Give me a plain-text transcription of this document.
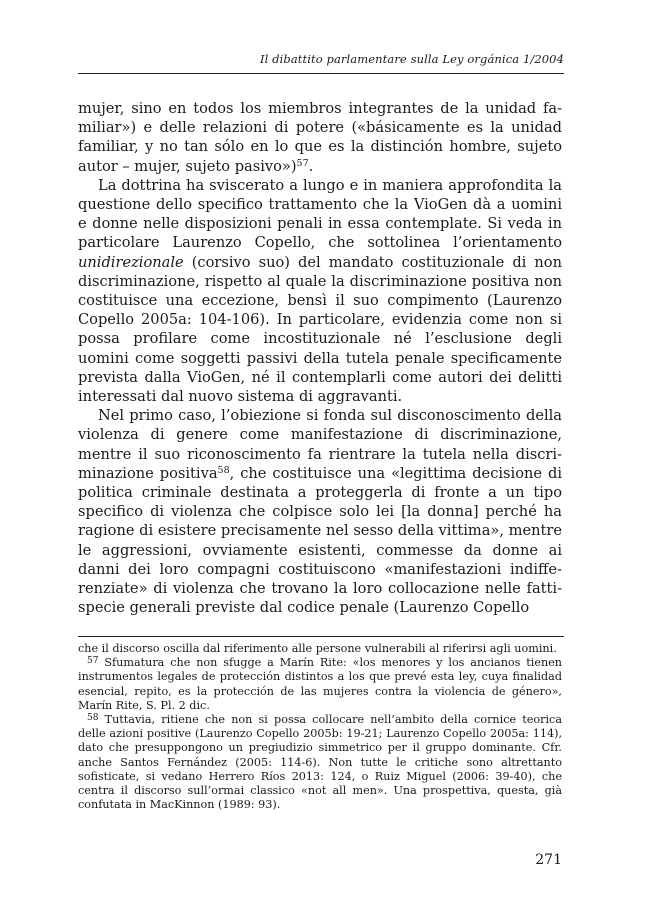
Il dibattito parlamentare sulla Ley orgánica 1/2004

mujer, sino en todos los miembros integrantes de la unidad familiar») e delle relazioni di potere («básicamente es la unidad familiar, y no tan sólo en lo que es la distinción hombre, sujeto autor – mujer, sujeto pasivo»)$^{57}$.

La dottrina ha sviscerato a lungo e in maniera approfondita la questione dello specifico trattamento che la VioGen dà a uomini e donne nelle disposizioni penali in essa contemplate. Si veda in particolare Laurenzo Copello, che sottolinea l’orientamento unidirezionale (corsivo suo) del mandato costituzionale di non discriminazione, rispetto al quale la discriminazione positiva non costituisce una eccezione, bensì il suo compimento (Laurenzo Copello 2005a: 104-106). In particolare, evidenzia come non si possa profilare come incostituzionale né l’esclusione degli uomini come soggetti passivi della tutela penale specificamente prevista dalla VioGen, né il contemplarli come autori dei delitti interessati dal nuovo sistema di aggravanti.

Nel primo caso, l’obiezione si fonda sul disconoscimento della violenza di genere come manifestazione di discriminazione, mentre il suo riconoscimento fa rientrare la tutela nella discriminazione positiva$^{58}$, che costituisce una «legittima decisione di politica criminale destinata a proteggerla di fronte a un tipo specifico di violenza che colpisce solo lei [la donna] perché ha ragione di esistere precisamente nel sesso della vittima», mentre le aggressioni, ovviamente esistenti, commesse da donne ai danni dei loro compagni costituiscono «manifestazioni indifferenziate» di violenza che trovano la loro collocazione nelle fattispecie generali previste dal codice penale (Laurenzo Copello

che il discorso oscilla dal riferimento alle persone vulnerabili al riferirsi agli uomini.

$^{57}$ Sfumatura che non sfugge a Marín Rite: «los menores y los ancianos tienen instrumentos legales de protección distintos a los que prevé esta ley, cuya finalidad esencial, repito, es la protección de las mujeres contra la violencia de género», Marín Rite, S. Pl. 2 dic.

$^{58}$ Tuttavia, ritiene che non si possa collocare nell’ambito della cornice teorica delle azioni positive (Laurenzo Copello 2005b: 19-21; Laurenzo Copello 2005a: 114), dato che presuppongono un pregiudizio simmetrico per il gruppo dominante. Cfr. anche Santos Fernández (2005: 114-6). Non tutte le critiche sono altrettanto sofisticate, si vedano Herrero Ríos 2013: 124, o Ruiz Miguel (2006: 39-40), che centra il discorso sull’ormai classico «not all men». Una prospettiva, questa, già confutata in MacKinnon (1989: 93).

271
